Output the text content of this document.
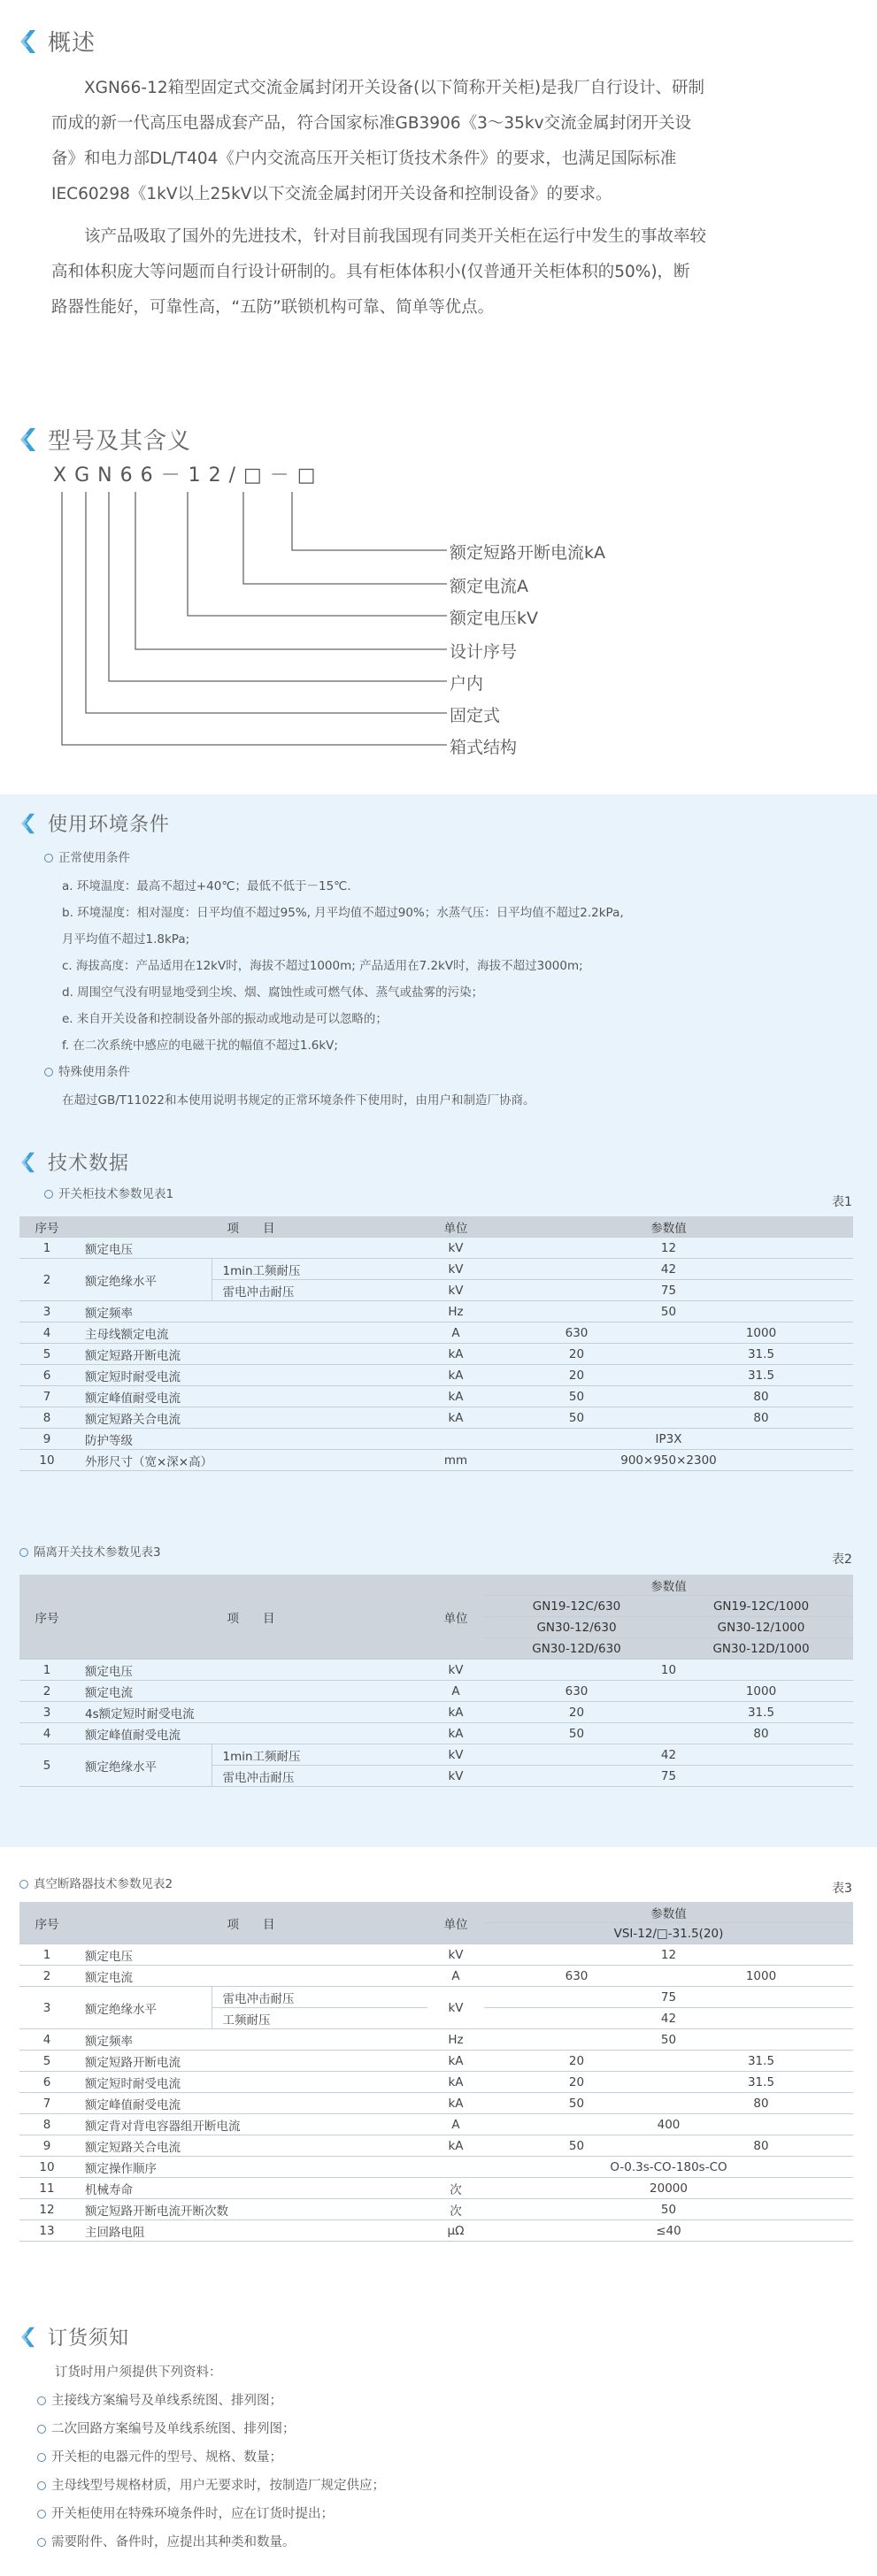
概述
XGN66-12箱型固定式交流金属封闭开关设备(以下简称开关柜)是我厂自行设计、研制
而成的新一代高压电器成套产品，符合国家标准GB3906《3～35kv交流金属封闭开关设
备》和电力部DL/T404《户内交流高压开关柜订货技术条件》的要求，也满足国际标准
IEC60298《1kV以上25kV以下交流金属封闭开关设备和控制设备》的要求。
该产品吸取了国外的先进技术，针对目前我国现有同类开关柜在运行中发生的事故率较
高和体积庞大等问题而自行设计研制的。具有柜体体积小(仅普通开关柜体积的50%)，断
路器性能好，可靠性高，“五防”联锁机构可靠、简单等优点。
型号及其含义
XGN66－12/□－□
额定短路开断电流kA
额定电流A
额定电压kV
设计序号
户内
固定式
箱式结构
使用环境条件
正常使用条件
a. 环境温度：最高不超过+40℃；最低不低于－15℃.
b. 环境湿度：相对湿度：日平均值不超过95%, 月平均值不超过90%；水蒸气压：日平均值不超过2.2kPa,
月平均值不超过1.8kPa;
c. 海拔高度：产品适用在12kV时，海拔不超过1000m; 产品适用在7.2kV时，海拔不超过3000m;
d. 周围空气没有明显地受到尘埃、烟、腐蚀性或可燃气体、蒸气或盐雾的污染；
e. 来自开关设备和控制设备外部的振动或地动是可以忽略的；
f. 在二次系统中感应的电磁干扰的幅值不超过1.6kV;
特殊使用条件
在超过GB/T11022和本使用说明书规定的正常环境条件下使用时，由用户和制造厂协商。
技术数据
开关柜技术参数见表1
表1
序号	项　　目		单位	参数值	
1	额定电压		kV	12	
2	额定绝缘水平	1min工频耐压	kV	42	
		雷电冲击耐压	kV	75	
3	额定频率		Hz	50	
4	主母线额定电流		A	630	1000
5	额定短路开断电流		kA	20	31.5
6	额定短时耐受电流		kA	20	31.5
7	额定峰值耐受电流		kA	50	80
8	额定短路关合电流		kA	50	80
9	防护等级			IP3X	
10	外形尺寸（宽×深×高）		mm	900×950×2300	
隔离开关技术参数见表3	表2
序号	项　　目		单位	参数值	
				GN19-12C/630	GN19-12C/1000
				GN30-12/630	GN30-12/1000
				GN30-12D/630	GN30-12D/1000
1	额定电压		kV	10	
2	额定电流		A	630	1000
3	4s额定短时耐受电流		kA	20	31.5
4	额定峰值耐受电流		kA	50	80
5	额定绝缘水平	1min工频耐压	kV	42	
		雷电冲击耐压	kV	75	
真空断路器技术参数见表2	表3
序号	项　　目		单位	参数值	
				VSI-12/□-31.5(20)	
1	额定电压		kV	12	
2	额定电流		A	630	1000
3	额定绝缘水平	雷电冲击耐压	kV	75	
		工频耐压		42	
4	额定频率		Hz	50	
5	额定短路开断电流		kA	20	31.5
6	额定短时耐受电流		kA	20	31.5
7	额定峰值耐受电流		kA	50	80
8	额定背对背电容器组开断电流		A	400	
9	额定短路关合电流		kA	50	80
10	额定操作顺序			O-0.3s-CO-180s-CO	
11	机械寿命		次	20000	
12	额定短路开断电流开断次数		次	50	
13	主回路电阻		μΩ	≤40	
订货须知
订货时用户须提供下列资料：
主接线方案编号及单线系统图、排列图；
二次回路方案编号及单线系统图、排列图；
开关柜的电器元件的型号、规格、数量；
主母线型号规格材质，用户无要求时，按制造厂规定供应；
开关柜使用在特殊环境条件时，应在订货时提出；
需要附件、备件时，应提出其种类和数量。
